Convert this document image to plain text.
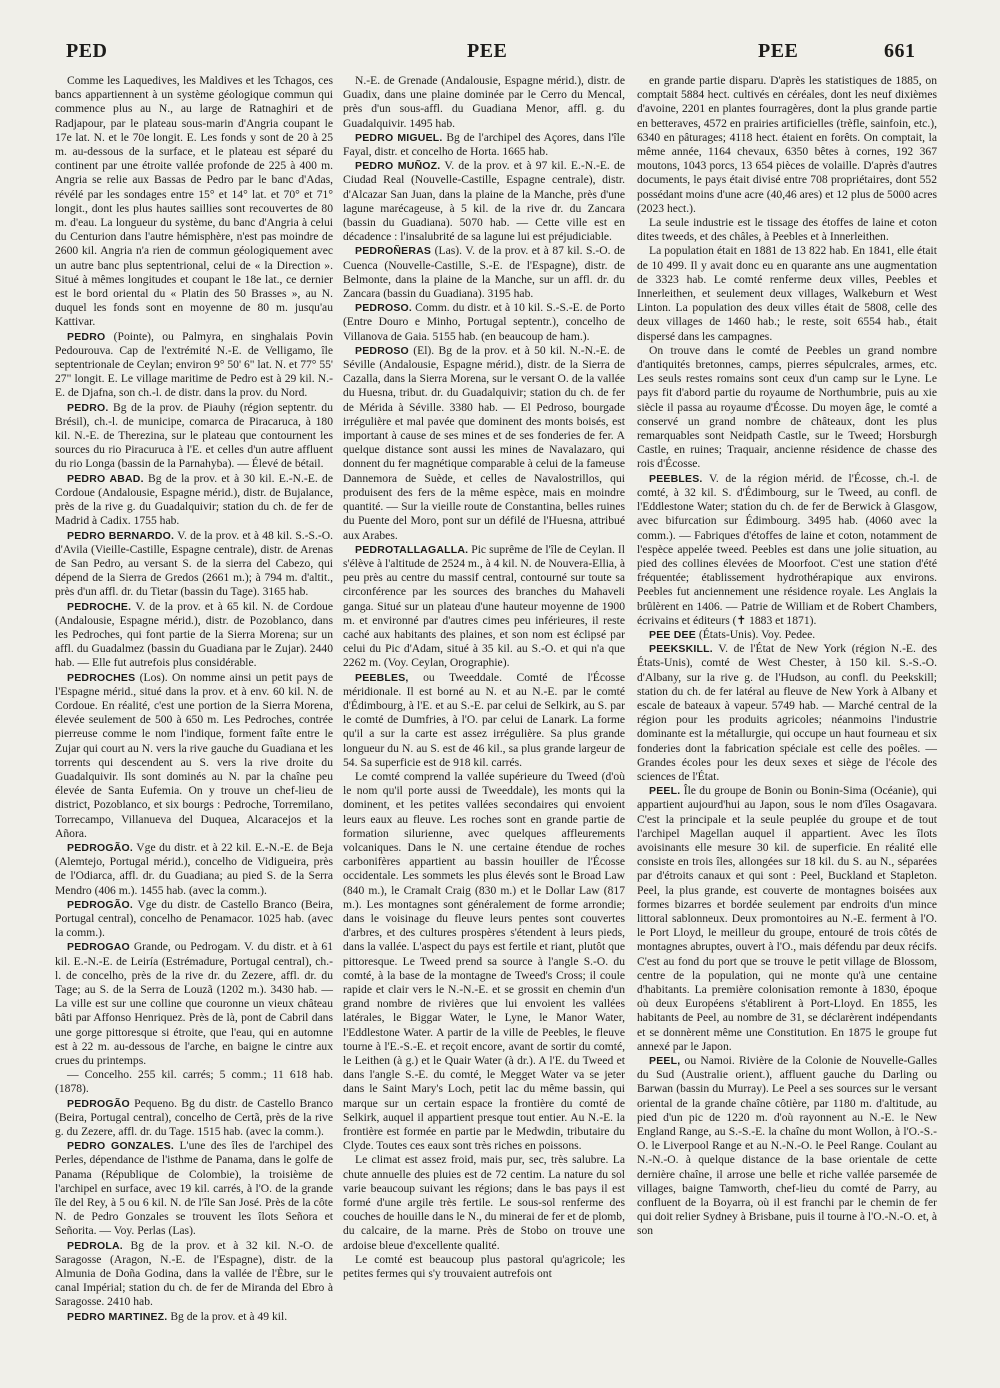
PED	PEE	PEE	661

Comme les Laquedives, les Maldives et les Tchagos, ces bancs appartiennent à un système géologique commun qui commence plus au N., au large de Ratnaghiri et de Radjapour, par le plateau sous-marin d'Angria coupant le 17e lat. N. et le 70e longit. E. Les fonds y sont de 20 à 25 m. au-dessous de la surface, et le plateau est séparé du continent par une étroite vallée profonde de 225 à 400 m. Angria se relie aux Bassas de Pedro par le banc d'Adas, révélé par les sondages entre 15° et 14° lat. et 70° et 71° longit., dont les plus hautes saillies sont recouvertes de 80 m. d'eau. La longueur du système, du banc d'Angria à celui du Centurion dans l'autre hémisphère, n'est pas moindre de 2600 kil. Angria n'a rien de commun géologiquement avec un autre banc plus septentrional, celui de « la Direction ». Situé à mêmes longitudes et coupant le 18e lat., ce dernier est le bord oriental du « Platin des 50 Brasses », au N. duquel les fonds sont en moyenne de 80 m. jusqu'au Kattivar.

PEDRO (Pointe), ou Palmyra, en singhalais Povin Pedourouva. Cap de l'extrémité N.-E. de Velligamo, île septentrionale de Ceylan; environ 9° 50' 6" lat. N. et 77° 55' 27" longit. E. Le village maritime de Pedro est à 29 kil. N.-E. de Djafna, son ch.-l. de distr. dans la prov. du Nord.

PEDRO. Bg de la prov. de Piauhy (région septentr. du Brésil), ch.-l. de municipe, comarca de Piracaruca, à 180 kil. N.-E. de Therezina, sur le plateau que contournent les sources du rio Piracuruca à l'E. et celles d'un autre affluent du rio Longa (bassin de la Parnahyba). — Élevé de bétail.

PEDRO ABAD. Bg de la prov. et à 30 kil. E.-N.-E. de Cordoue (Andalousie, Espagne mérid.), distr. de Bujalance, près de la rive g. du Guadalquivir; station du ch. de fer de Madrid à Cadix. 1755 hab.

PEDRO BERNARDO. V. de la prov. et à 48 kil. S.-S.-O. d'Avila (Vieille-Castille, Espagne centrale), distr. de Arenas de San Pedro, au versant S. de la sierra del Cabezo, qui dépend de la Sierra de Gredos (2661 m.); à 794 m. d'altit., près d'un affl. dr. du Tietar (bassin du Tage). 3165 hab.

PEDROCHE. V. de la prov. et à 65 kil. N. de Cordoue (Andalousie, Espagne mérid.), distr. de Pozoblanco, dans les Pedroches, qui font partie de la Sierra Morena; sur un affl. du Guadalmez (bassin du Guadiana par le Zujar). 2440 hab. — Elle fut autrefois plus considérable.

PEDROCHES (Los). On nomme ainsi un petit pays de l'Espagne mérid., situé dans la prov. et à env. 60 kil. N. de Cordoue. En réalité, c'est une portion de la Sierra Morena, élevée seulement de 500 à 650 m. Les Pedroches, contrée pierreuse comme le nom l'indique, forment faîte entre le Zujar qui court au N. vers la rive gauche du Guadiana et les torrents qui descendent au S. vers la rive droite du Guadalquivir. Ils sont dominés au N. par la chaîne peu élevée de Santa Eufemia. On y trouve un chef-lieu de district, Pozoblanco, et six bourgs : Pedroche, Torremilano, Torrecampo, Villanueva del Duquea, Alcaracejos et la Añora.

PEDROGÃO. Vge du distr. et à 22 kil. E.-N.-E. de Beja (Alemtejo, Portugal mérid.), concelho de Vidigueira, près de l'Odiarca, affl. dr. du Guadiana; au pied S. de la Serra Mendro (406 m.). 1455 hab. (avec la comm.).

PEDROGÃO. Vge du distr. de Castello Branco (Beira, Portugal central), concelho de Penamacor. 1025 hab. (avec la comm.).

PEDROGAO Grande, ou Pedrogam. V. du distr. et à 61 kil. E.-N.-E. de Leiría (Estrémadure, Portugal central), ch.-l. de concelho, près de la rive dr. du Zezere, affl. dr. du Tage; au S. de la Serra de Louzã (1202 m.). 3430 hab. — La ville est sur une colline que couronne un vieux château bâti par Affonso Henriquez. Près de là, pont de Cabril dans une gorge pittoresque si étroite, que l'eau, qui en automne est à 22 m. au-dessous de l'arche, en baigne le cintre aux crues du printemps.

— Concelho. 255 kil. carrés; 5 comm.; 11 618 hab. (1878).

PEDROGÃO Pequeno. Bg du distr. de Castello Branco (Beira, Portugal central), concelho de Certã, près de la rive g. du Zezere, affl. dr. du Tage. 1515 hab. (avec la comm.).

PEDRO GONZALES. L'une des îles de l'archipel des Perles, dépendance de l'isthme de Panama, dans le golfe de Panama (République de Colombie), la troisième de l'archipel en surface, avec 19 kil. carrés, à l'O. de la grande île del Rey, à 5 ou 6 kil. N. de l'île San José. Près de la côte N. de Pedro Gonzales se trouvent les îlots Señora et Señorita. — Voy. Perlas (Las).

PEDROLA. Bg de la prov. et à 32 kil. N.-O. de Saragosse (Aragon, N.-E. de l'Espagne), distr. de la Almunia de Doña Godina, dans la vallée de l'Èbre, sur le canal Impérial; station du ch. de fer de Miranda del Ebro à Saragosse. 2410 hab.

PEDRO MARTINEZ. Bg de la prov. et à 49 kil.

N.-E. de Grenade (Andalousie, Espagne mérid.), distr. de Guadix, dans une plaine dominée par le Cerro du Mencal, près d'un sous-affl. du Guadiana Menor, affl. g. du Guadalquivir. 1495 hab.

PEDRO MIGUEL. Bg de l'archipel des Açores, dans l'île Fayal, distr. et concelho de Horta. 1665 hab.

PEDRO MUÑOZ. V. de la prov. et à 97 kil. E.-N.-E. de Ciudad Real (Nouvelle-Castille, Espagne centrale), distr. d'Alcazar San Juan, dans la plaine de la Manche, près d'une lagune marécageuse, à 5 kil. de la rive dr. du Zancara (bassin du Guadiana). 5070 hab. — Cette ville est en décadence : l'insalubrité de sa lagune lui est préjudiciable.

PEDROÑERAS (Las). V. de la prov. et à 87 kil. S.-O. de Cuenca (Nouvelle-Castille, S.-E. de l'Espagne), distr. de Belmonte, dans la plaine de la Manche, sur un affl. dr. du Zancara (bassin du Guadiana). 3195 hab.

PEDROSO. Comm. du distr. et à 10 kil. S.-S.-E. de Porto (Entre Douro e Minho, Portugal septentr.), concelho de Villanova de Gaia. 5155 hab. (en beaucoup de ham.).

PEDROSO (El). Bg de la prov. et à 50 kil. N.-N.-E. de Séville (Andalousie, Espagne mérid.), distr. de la Sierra de Cazalla, dans la Sierra Morena, sur le versant O. de la vallée du Huesna, tribut. dr. du Guadalquivir; station du ch. de fer de Mérida à Séville. 3380 hab. — El Pedroso, bourgade irrégulière et mal pavée que dominent des monts boisés, est important à cause de ses mines et de ses fonderies de fer. A quelque distance sont aussi les mines de Navalazaro, qui donnent du fer magnétique comparable à celui de la fameuse Dannemora de Suède, et celles de Navalostrillos, qui produisent des fers de la même espèce, mais en moindre quantité. — Sur la vieille route de Constantina, belles ruines du Puente del Moro, pont sur un défilé de l'Huesna, attribué aux Arabes.

PEDROTALLAGALLA. Pic suprême de l'île de Ceylan. Il s'élève à l'altitude de 2524 m., à 4 kil. N. de Nouvera-Ellia, à peu près au centre du massif central, contourné sur toute sa circonférence par les sources des branches du Mahaveli ganga. Situé sur un plateau d'une hauteur moyenne de 1900 m. et environné par d'autres cimes peu inférieures, il reste caché aux habitants des plaines, et son nom est éclipsé par celui du Pic d'Adam, situé à 35 kil. au S.-O. et qui n'a que 2262 m. (Voy. Ceylan, Orographie).

PEEBLES, ou Tweeddale. Comté de l'Écosse méridionale. Il est borné au N. et au N.-E. par le comté d'Édimbourg, à l'E. et au S.-E. par celui de Selkirk, au S. par le comté de Dumfries, à l'O. par celui de Lanark. La forme qu'il a sur la carte est assez irrégulière. Sa plus grande longueur du N. au S. est de 46 kil., sa plus grande largeur de 54. Sa superficie est de 918 kil. carrés.

Le comté comprend la vallée supérieure du Tweed (d'où le nom qu'il porte aussi de Tweeddale), les monts qui la dominent, et les petites vallées secondaires qui envoient leurs eaux au fleuve. Les roches sont en grande partie de formation silurienne, avec quelques affleurements volcaniques. Dans le N. une certaine étendue de roches carbonifères appartient au bassin houiller de l'Écosse occidentale. Les sommets les plus élevés sont le Broad Law (840 m.), le Cramalt Craig (830 m.) et le Dollar Law (817 m.). Les montagnes sont généralement de forme arrondie; dans le voisinage du fleuve leurs pentes sont couvertes d'arbres, et des cultures prospères s'étendent à leurs pieds, dans la vallée. L'aspect du pays est fertile et riant, plutôt que pittoresque. Le Tweed prend sa source à l'angle S.-O. du comté, à la base de la montagne de Tweed's Cross; il coule rapide et clair vers le N.-N.-E. et se grossit en chemin d'un grand nombre de rivières que lui envoient les vallées latérales, le Biggar Water, le Lyne, le Manor Water, l'Eddlestone Water. A partir de la ville de Peebles, le fleuve tourne à l'E.-S.-E. et reçoit encore, avant de sortir du comté, le Leithen (à g.) et le Quair Water (à dr.). A l'E. du Tweed et dans l'angle S.-E. du comté, le Megget Water va se jeter dans le Saint Mary's Loch, petit lac du même bassin, qui marque sur un certain espace la frontière du comté de Selkirk, auquel il appartient presque tout entier. Au N.-E. la frontière est formée en partie par le Medwdin, tributaire du Clyde. Toutes ces eaux sont très riches en poissons.

Le climat est assez froid, mais pur, sec, très salubre. La chute annuelle des pluies est de 72 centim. La nature du sol varie beaucoup suivant les régions; dans le bas pays il est formé d'une argile très fertile. Le sous-sol renferme des couches de houille dans le N., du minerai de fer et de plomb, du calcaire, de la marne. Près de Stobo on trouve une ardoise bleue d'excellente qualité.

Le comté est beaucoup plus pastoral qu'agricole; les petites fermes qui s'y trouvaient autrefois ont

en grande partie disparu. D'après les statistiques de 1885, on comptait 5884 hect. cultivés en céréales, dont les neuf dixièmes d'avoine, 2201 en plantes fourragères, dont la plus grande partie en betteraves, 4572 en prairies artificielles (trèfle, sainfoin, etc.), 6340 en pâturages; 4118 hect. étaient en forêts. On comptait, la même année, 1164 chevaux, 6350 bêtes à cornes, 192 367 moutons, 1043 porcs, 13 654 pièces de volaille. D'après d'autres documents, le pays était divisé entre 708 propriétaires, dont 552 possédant moins d'une acre (40,46 ares) et 12 plus de 5000 acres (2023 hect.).

La seule industrie est le tissage des étoffes de laine et coton dites tweeds, et des châles, à Peebles et à Innerleithen.

La population était en 1881 de 13 822 hab. En 1841, elle était de 10 499. Il y avait donc eu en quarante ans une augmentation de 3323 hab. Le comté renferme deux villes, Peebles et Innerleithen, et seulement deux villages, Walkeburn et West Linton. La population des deux villes était de 5808, celle des deux villages de 1460 hab.; le reste, soit 6554 hab., était dispersé dans les campagnes.

On trouve dans le comté de Peebles un grand nombre d'antiquités bretonnes, camps, pierres sépulcrales, armes, etc. Les seuls restes romains sont ceux d'un camp sur le Lyne. Le pays fit d'abord partie du royaume de Northumbrie, puis au xie siècle il passa au royaume d'Écosse. Du moyen âge, le comté a conservé un grand nombre de châteaux, dont les plus remarquables sont Neidpath Castle, sur le Tweed; Horsburgh Castle, en ruines; Traquair, ancienne résidence de chasse des rois d'Écosse.

PEEBLES. V. de la région mérid. de l'Écosse, ch.-l. de comté, à 32 kil. S. d'Édimbourg, sur le Tweed, au confl. de l'Eddlestone Water; station du ch. de fer de Berwick à Glasgow, avec bifurcation sur Édimbourg. 3495 hab. (4060 avec la comm.). — Fabriques d'étoffes de laine et coton, notamment de l'espèce appelée tweed. Peebles est dans une jolie situation, au pied des collines élevées de Moorfoot. C'est une station d'été fréquentée; établissement hydrothérapique aux environs. Peebles fut anciennement une résidence royale. Les Anglais la brûlèrent en 1406. — Patrie de William et de Robert Chambers, écrivains et éditeurs (✝ 1883 et 1871).

PEE DEE (États-Unis). Voy. Pedee.

PEEKSKILL. V. de l'État de New York (région N.-E. des États-Unis), comté de West Chester, à 150 kil. S.-S.-O. d'Albany, sur la rive g. de l'Hudson, au confl. du Peekskill; station du ch. de fer latéral au fleuve de New York à Albany et escale de bateaux à vapeur. 5749 hab. — Marché central de la région pour les produits agricoles; néanmoins l'industrie dominante est la métallurgie, qui occupe un haut fourneau et six fonderies dont la fabrication spéciale est celle des poêles. — Grandes écoles pour les deux sexes et siège de l'école des sciences de l'État.

PEEL. Île du groupe de Bonin ou Bonin-Sima (Océanie), qui appartient aujourd'hui au Japon, sous le nom d'îles Osagavara. C'est la principale et la seule peuplée du groupe et de tout l'archipel Magellan auquel il appartient. Avec les îlots avoisinants elle mesure 30 kil. de superficie. En réalité elle consiste en trois îles, allongées sur 18 kil. du S. au N., séparées par d'étroits canaux et qui sont : Peel, Buckland et Stapleton. Peel, la plus grande, est couverte de montagnes boisées aux formes bizarres et bordée seulement par endroits d'un mince littoral sablonneux. Deux promontoires au N.-E. ferment à l'O. le Port Lloyd, le meilleur du groupe, entouré de trois côtés de montagnes abruptes, ouvert à l'O., mais défendu par deux récifs. C'est au fond du port que se trouve le petit village de Blossom, centre de la population, qui ne monte qu'à une centaine d'habitants. La première colonisation remonte à 1830, époque où deux Européens s'établirent à Port-Lloyd. En 1855, les habitants de Peel, au nombre de 31, se déclarèrent indépendants et se donnèrent même une Constitution. En 1875 le groupe fut annexé par le Japon.

PEEL, ou Namoi. Rivière de la Colonie de Nouvelle-Galles du Sud (Australie orient.), affluent gauche du Darling ou Barwan (bassin du Murray). Le Peel a ses sources sur le versant oriental de la grande chaîne côtière, par 1180 m. d'altitude, au pied d'un pic de 1220 m. d'où rayonnent au N.-E. le New England Range, au S.-S.-E. la chaîne du mont Wollon, à l'O.-S.-O. le Liverpool Range et au N.-N.-O. le Peel Range. Coulant au N.-N.-O. à quelque distance de la base orientale de cette dernière chaîne, il arrose une belle et riche vallée parsemée de villages, baigne Tamworth, chef-lieu du comté de Parry, au confluent de la Boyarra, où il est franchi par le chemin de fer qui doit relier Sydney à Brisbane, puis il tourne à l'O.-N.-O. et, à son
